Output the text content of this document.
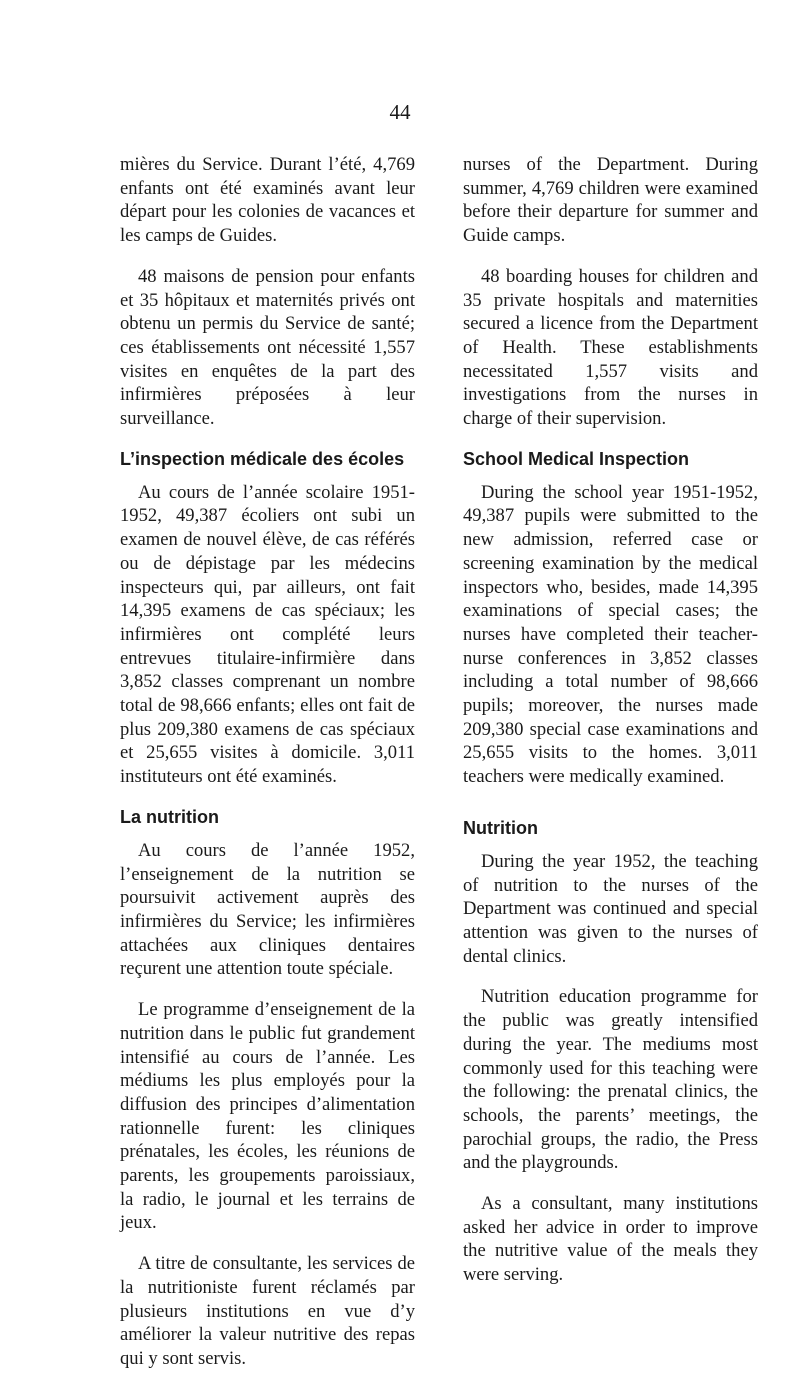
44

mières du Service. Durant l’été, 4,769 enfants ont été examinés avant leur départ pour les colonies de vacances et les camps de Guides.

48 maisons de pension pour enfants et 35 hôpitaux et maternités privés ont obtenu un permis du Service de santé; ces établissements ont nécessité 1,557 visites en enquêtes de la part des infirmières préposées à leur surveillance.

L’inspection médicale des écoles

Au cours de l’année scolaire 1951-1952, 49,387 écoliers ont subi un examen de nouvel élève, de cas référés ou de dépistage par les médecins inspecteurs qui, par ailleurs, ont fait 14,395 examens de cas spéciaux; les infirmières ont complété leurs entrevues titulaire-infirmière dans 3,852 classes comprenant un nombre total de 98,666 enfants; elles ont fait de plus 209,380 examens de cas spéciaux et 25,655 visites à domicile. 3,011 instituteurs ont été examinés.

La nutrition

Au cours de l’année 1952, l’enseignement de la nutrition se poursuivit activement auprès des infirmières du Service; les infirmières attachées aux cliniques dentaires reçurent une attention toute spéciale.

Le programme d’enseignement de la nutrition dans le public fut grandement intensifié au cours de l’année. Les médiums les plus employés pour la diffusion des principes d’alimentation rationnelle furent: les cliniques prénatales, les écoles, les réunions de parents, les groupements paroissiaux, la radio, le journal et les terrains de jeux.

A titre de consultante, les services de la nutritioniste furent réclamés par plusieurs institutions en vue d’y améliorer la valeur nutritive des repas qui y sont servis.

nurses of the Department. During summer, 4,769 children were examined before their departure for summer and Guide camps.

48 boarding houses for children and 35 private hospitals and maternities secured a licence from the Department of Health. These establishments necessitated 1,557 visits and investigations from the nurses in charge of their supervision.

School Medical Inspection

During the school year 1951-1952, 49,387 pupils were submitted to the new admission, referred case or screening examination by the medical inspectors who, besides, made 14,395 examinations of special cases; the nurses have completed their teacher-nurse conferences in 3,852 classes including a total number of 98,666 pupils; moreover, the nurses made 209,380 special case examinations and 25,655 visits to the homes. 3,011 teachers were medically examined.

Nutrition

During the year 1952, the teaching of nutrition to the nurses of the Department was continued and special attention was given to the nurses of dental clinics.

Nutrition education programme for the public was greatly intensified during the year. The mediums most commonly used for this teaching were the following: the prenatal clinics, the schools, the parents’ meetings, the parochial groups, the radio, the Press and the playgrounds.

As a consultant, many institutions asked her advice in order to improve the nutritive value of the meals they were serving.
